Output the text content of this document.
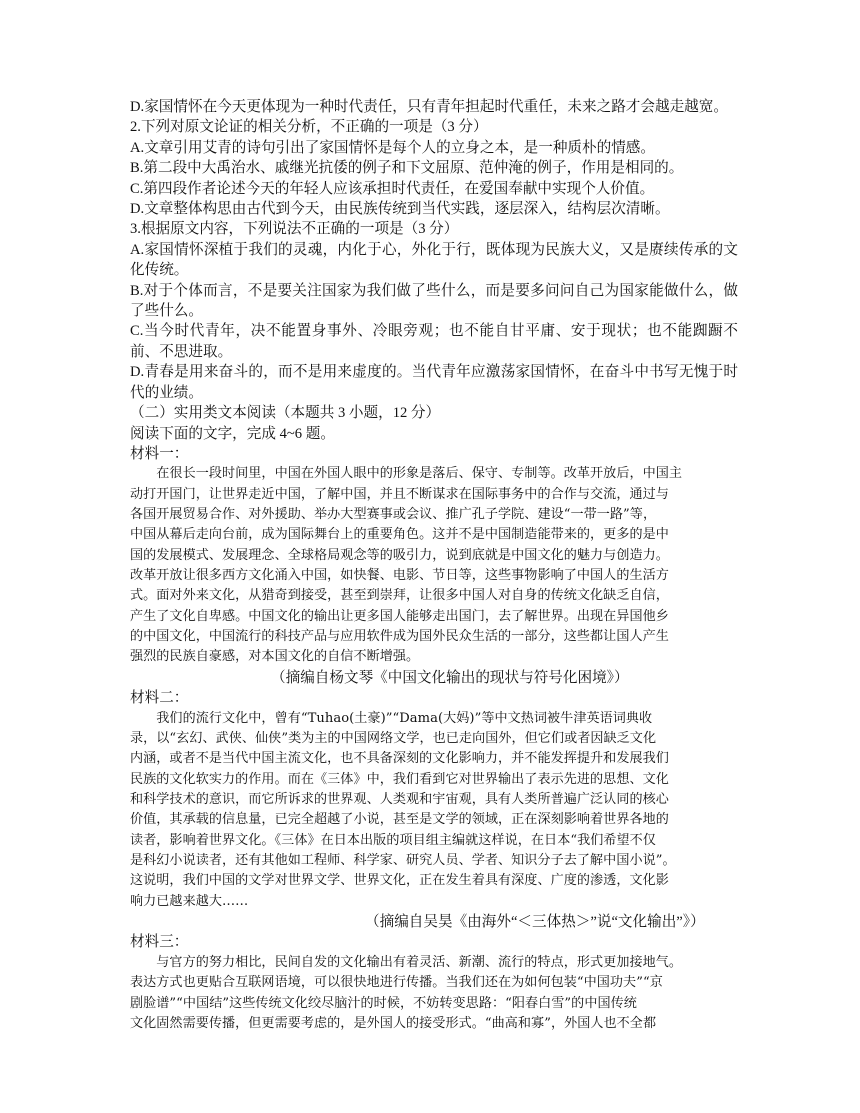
D.家国情怀在今天更体现为一种时代责任，只有青年担起时代重任，未来之路才会越走越宽。

2.下列对原文论证的相关分析，不正确的一项是（3 分）

A.文章引用艾青的诗句引出了家国情怀是每个人的立身之本，是一种质朴的情感。

B.第二段中大禹治水、戚继光抗倭的例子和下文屈原、范仲淹的例子，作用是相同的。

C.第四段作者论述今天的年轻人应该承担时代责任，在爱国奉献中实现个人价值。

D.文章整体构思由古代到今天，由民族传统到当代实践，逐层深入，结构层次清晰。

3.根据原文内容，下列说法不正确的一项是（3 分）

A.家国情怀深植于我们的灵魂，内化于心，外化于行，既体现为民族大义，又是赓续传承的文化传统。

B.对于个体而言，不是要关注国家为我们做了些什么，而是要多问问自己为国家能做什么，做了些什么。

C.当今时代青年，决不能置身事外、冷眼旁观；也不能自甘平庸、安于现状；也不能踟蹰不前、不思进取。

D.青春是用来奋斗的，而不是用来虚度的。当代青年应激荡家国情怀，在奋斗中书写无愧于时代的业绩。

（二）实用类文本阅读（本题共 3 小题，12 分）

阅读下面的文字，完成 4~6 题。

材料一：

　　在很长一段时间里，中国在外国人眼中的形象是落后、保守、专制等。改革开放后，中国主
动打开国门，让世界走近中国，了解中国，并且不断谋求在国际事务中的合作与交流，通过与
各国开展贸易合作、对外援助、举办大型赛事或会议、推广孔子学院、建设“一带一路”等，
中国从幕后走向台前，成为国际舞台上的重要角色。这并不是中国制造能带来的，更多的是中
国的发展模式、发展理念、全球格局观念等的吸引力，说到底就是中国文化的魅力与创造力。
改革开放让很多西方文化涌入中国，如快餐、电影、节日等，这些事物影响了中国人的生活方
式。面对外来文化，从猎奇到接受，甚至到崇拜，让很多中国人对自身的传统文化缺乏自信，
产生了文化自卑感。中国文化的输出让更多国人能够走出国门，去了解世界。出现在异国他乡
的中国文化，中国流行的科技产品与应用软件成为国外民众生活的一部分，这些都让国人产生
强烈的民族自豪感，对本国文化的自信不断增强。

（摘编自杨文琴《中国文化输出的现状与符号化困境》）

材料二：

　　我们的流行文化中，曾有“Tuhao(土豪)”“Dama(大妈)”等中文热词被牛津英语词典收
录，以“玄幻、武侠、仙侠”类为主的中国网络文学，也已走向国外，但它们或者因缺乏文化
内涵，或者不是当代中国主流文化，也不具备深刻的文化影响力，并不能发挥提升和发展我们
民族的文化软实力的作用。而在《三体》中，我们看到它对世界输出了表示先进的思想、文化
和科学技术的意识，而它所诉求的世界观、人类观和宇宙观，具有人类所普遍广泛认同的核心
价值，其承载的信息量，已完全超越了小说，甚至是文学的领域，正在深刻影响着世界各地的
读者，影响着世界文化。《三体》在日本出版的项目组主编就这样说，在日本“我们希望不仅
是科幻小说读者，还有其他如工程师、科学家、研究人员、学者、知识分子去了解中国小说”。
这说明，我们中国的文学对世界文学、世界文化，正在发生着具有深度、广度的渗透，文化影
响力已越来越大……

（摘编自吴昊《由海外“＜三体热＞”说“文化输出”》）

材料三：

　　与官方的努力相比，民间自发的文化输出有着灵活、新潮、流行的特点，形式更加接地气。
表达方式也更贴合互联网语境，可以很快地进行传播。当我们还在为如何包装“中国功夫”“京
剧脸谱”“中国结”这些传统文化绞尽脑汁的时候，不妨转变思路：“阳春白雪”的中国传统
文化固然需要传播，但更需要考虑的，是外国人的接受形式。“曲高和寡”，外国人也不全都
